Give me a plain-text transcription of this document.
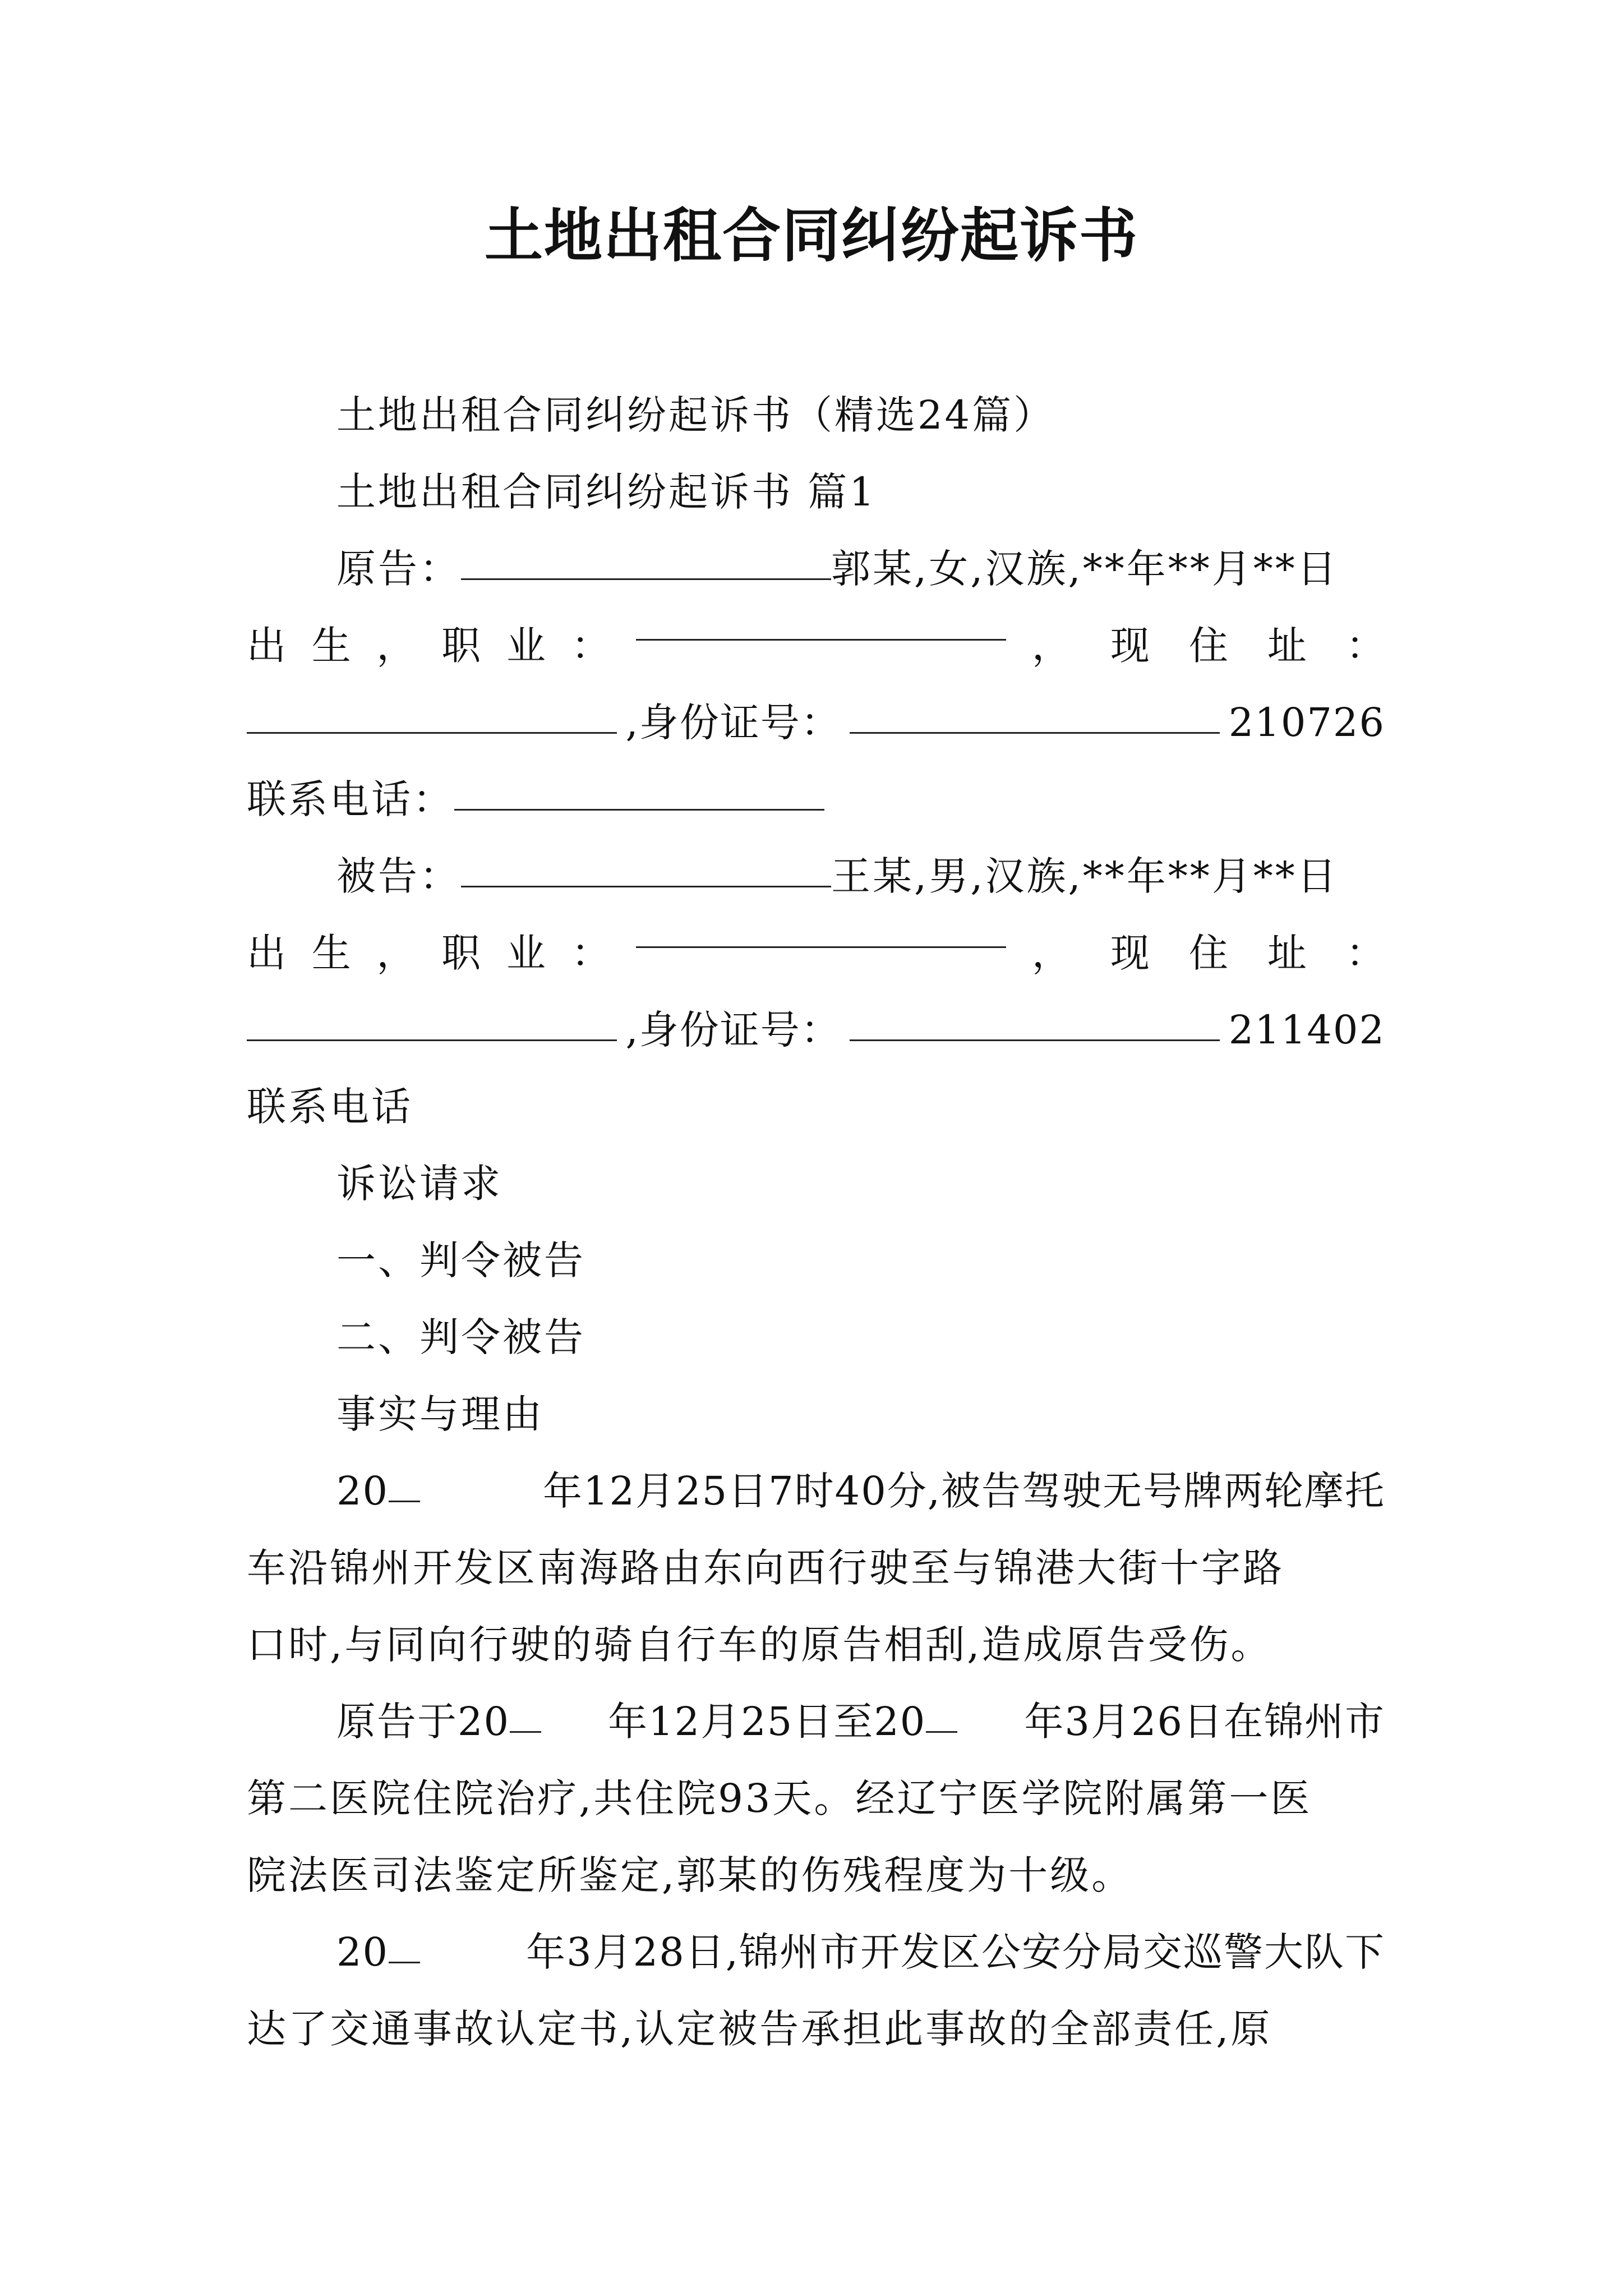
土地出租合同纠纷起诉书
土地出租合同纠纷起诉书（精选24篇）
土地出租合同纠纷起诉书 篇1
原告：	郭某,女,汉族,**年**月**日
出 生 ， 职 业 ：	，现住址：
,身份证号：	210726
联系电话：
被告：	王某,男,汉族,**年**月**日
出 生 ， 职 业 ：	，现住址：
,身份证号：	211402
联系电话
诉讼请求
一、判令被告
二、判令被告
事实与理由
20	年12月25日7时40分,被告驾驶无号牌两轮摩托
车沿锦州开发区南海路由东向西行驶至与锦港大街十字路
口时,与同向行驶的骑自行车的原告相刮,造成原告受伤。
原告于20	年12月25日至20	年3月26日在锦州市
第二医院住院治疗,共住院93天。经辽宁医学院附属第一医
院法医司法鉴定所鉴定,郭某的伤残程度为十级。
20	年3月28日,锦州市开发区公安分局交巡警大队下
达了交通事故认定书,认定被告承担此事故的全部责任,原
